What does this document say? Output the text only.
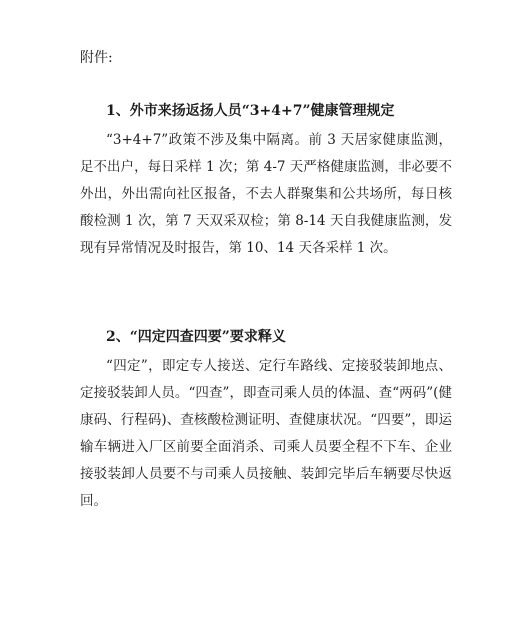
附件:
1、外市来扬返扬人员“3+4+7”健康管理规定
“3+4+7”政策不涉及集中隔离。前 3 天居家健康监测，足不出户，每日采样 1 次；第 4-7 天严格健康监测，非必要不外出，外出需向社区报备，不去人群聚集和公共场所，每日核酸检测 1 次，第 7 天双采双检；第 8-14 天自我健康监测，发现有异常情况及时报告，第 10、14 天各采样 1 次。
2、“四定四查四要”要求释义
“四定”，即定专人接送、定行车路线、定接驳装卸地点、定接驳装卸人员。“四查”，即查司乘人员的体温、查“两码”(健康码、行程码)、查核酸检测证明、查健康状况。“四要”，即运输车辆进入厂区前要全面消杀、司乘人员要全程不下车、企业接驳装卸人员要不与司乘人员接触、装卸完毕后车辆要尽快返回。
